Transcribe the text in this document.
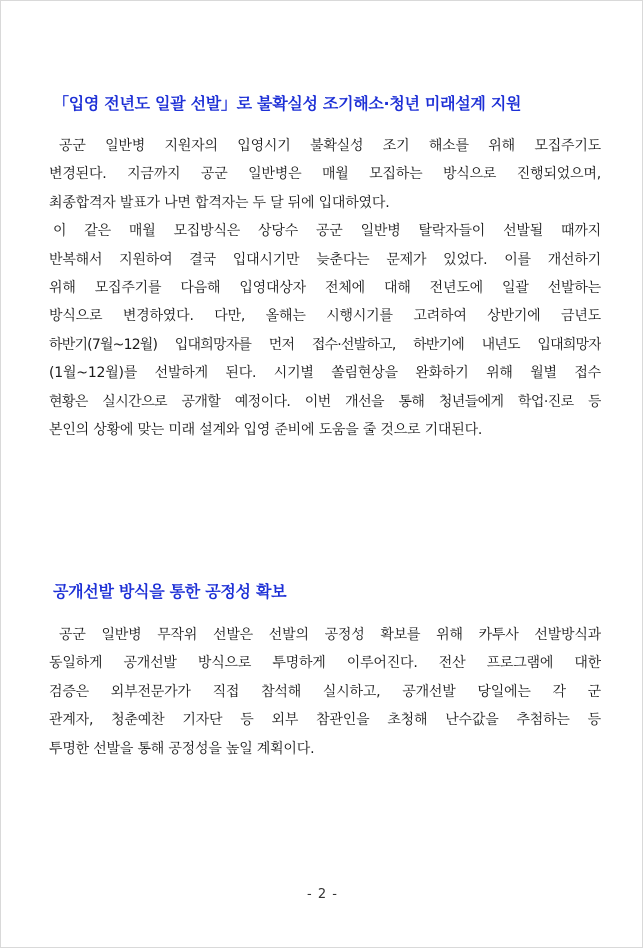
「입영 전년도 일괄 선발」로 불확실성 조기해소·청년 미래설계 지원
공군 일반병 지원자의 입영시기 불확실성 조기 해소를 위해 모집주기도
변경된다. 지금까지 공군 일반병은 매월 모집하는 방식으로 진행되었으며,
최종합격자 발표가 나면 합격자는 두 달 뒤에 입대하였다.
이 같은 매월 모집방식은 상당수 공군 일반병 탈락자들이 선발될 때까지
반복해서 지원하여 결국 입대시기만 늦춘다는 문제가 있었다. 이를 개선하기
위해 모집주기를 다음해 입영대상자 전체에 대해 전년도에 일괄 선발하는
방식으로 변경하였다. 다만, 올해는 시행시기를 고려하여 상반기에 금년도
하반기(7월~12월) 입대희망자를 먼저 접수·선발하고, 하반기에 내년도 입대희망자
(1월~12월)를 선발하게 된다. 시기별 쏠림현상을 완화하기 위해 월별 접수
현황은 실시간으로 공개할 예정이다. 이번 개선을 통해 청년들에게 학업·진로 등
본인의 상황에 맞는 미래 설계와 입영 준비에 도움을 줄 것으로 기대된다.
공개선발 방식을 통한 공정성 확보
공군 일반병 무작위 선발은 선발의 공정성 확보를 위해 카투사 선발방식과
동일하게 공개선발 방식으로 투명하게 이루어진다. 전산 프로그램에 대한
검증은 외부전문가가 직접 참석해 실시하고, 공개선발 당일에는 각 군
관계자, 청춘예찬 기자단 등 외부 참관인을 초청해 난수값을 추첨하는 등
투명한 선발을 통해 공정성을 높일 계획이다.
- 2 -
